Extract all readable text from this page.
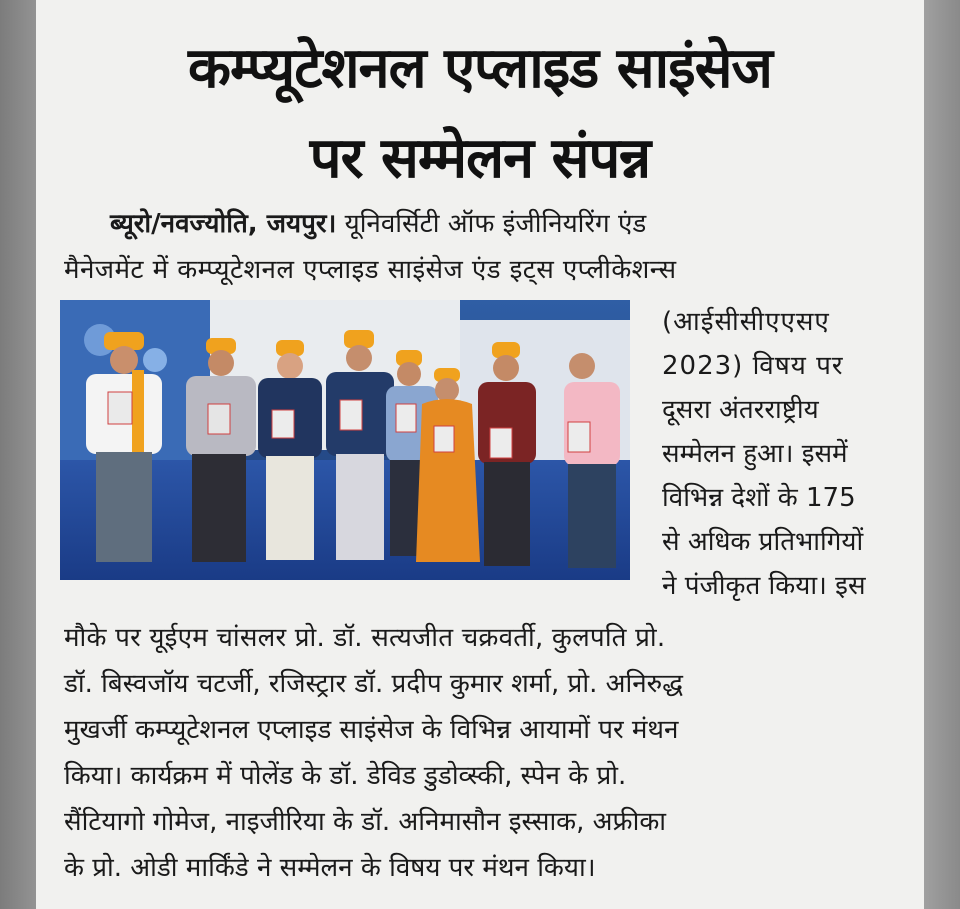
कम्प्यूटेशनल एप्लाइड साइंसेज
पर सम्मेलन संपन्न
ब्यूरो/नवज्योति, जयपुर। यूनिवर्सिटी ऑफ इंजीनियरिंग एंड
मैनेजमेंट में कम्प्यूटेशनल एप्लाइड साइंसेज एंड इट्स एप्लीकेशन्स
(आईसीसीएएसए
2023) विषय पर
दूसरा अंतरराष्ट्रीय
सम्मेलन हुआ। इसमें
विभिन्न देशों के 175
से अधिक प्रतिभागियों
ने पंजीकृत किया। इस
मौके पर यूईएम चांसलर प्रो. डॉ. सत्यजीत चक्रवर्ती, कुलपति प्रो.
डॉ. बिस्वजॉय चटर्जी, रजिस्ट्रार डॉ. प्रदीप कुमार शर्मा, प्रो. अनिरुद्ध
मुखर्जी कम्प्यूटेशनल एप्लाइड साइंसेज के विभिन्न आयामों पर मंथन
किया। कार्यक्रम में पोलेंड के डॉ. डेविड डुडोव्स्की, स्पेन के प्रो.
सैंटियागो गोमेज, नाइजीरिया के डॉ. अनिमासौन इस्साक, अफ्रीका
के प्रो. ओडी मार्किंडे ने सम्मेलन के विषय पर मंथन किया।
